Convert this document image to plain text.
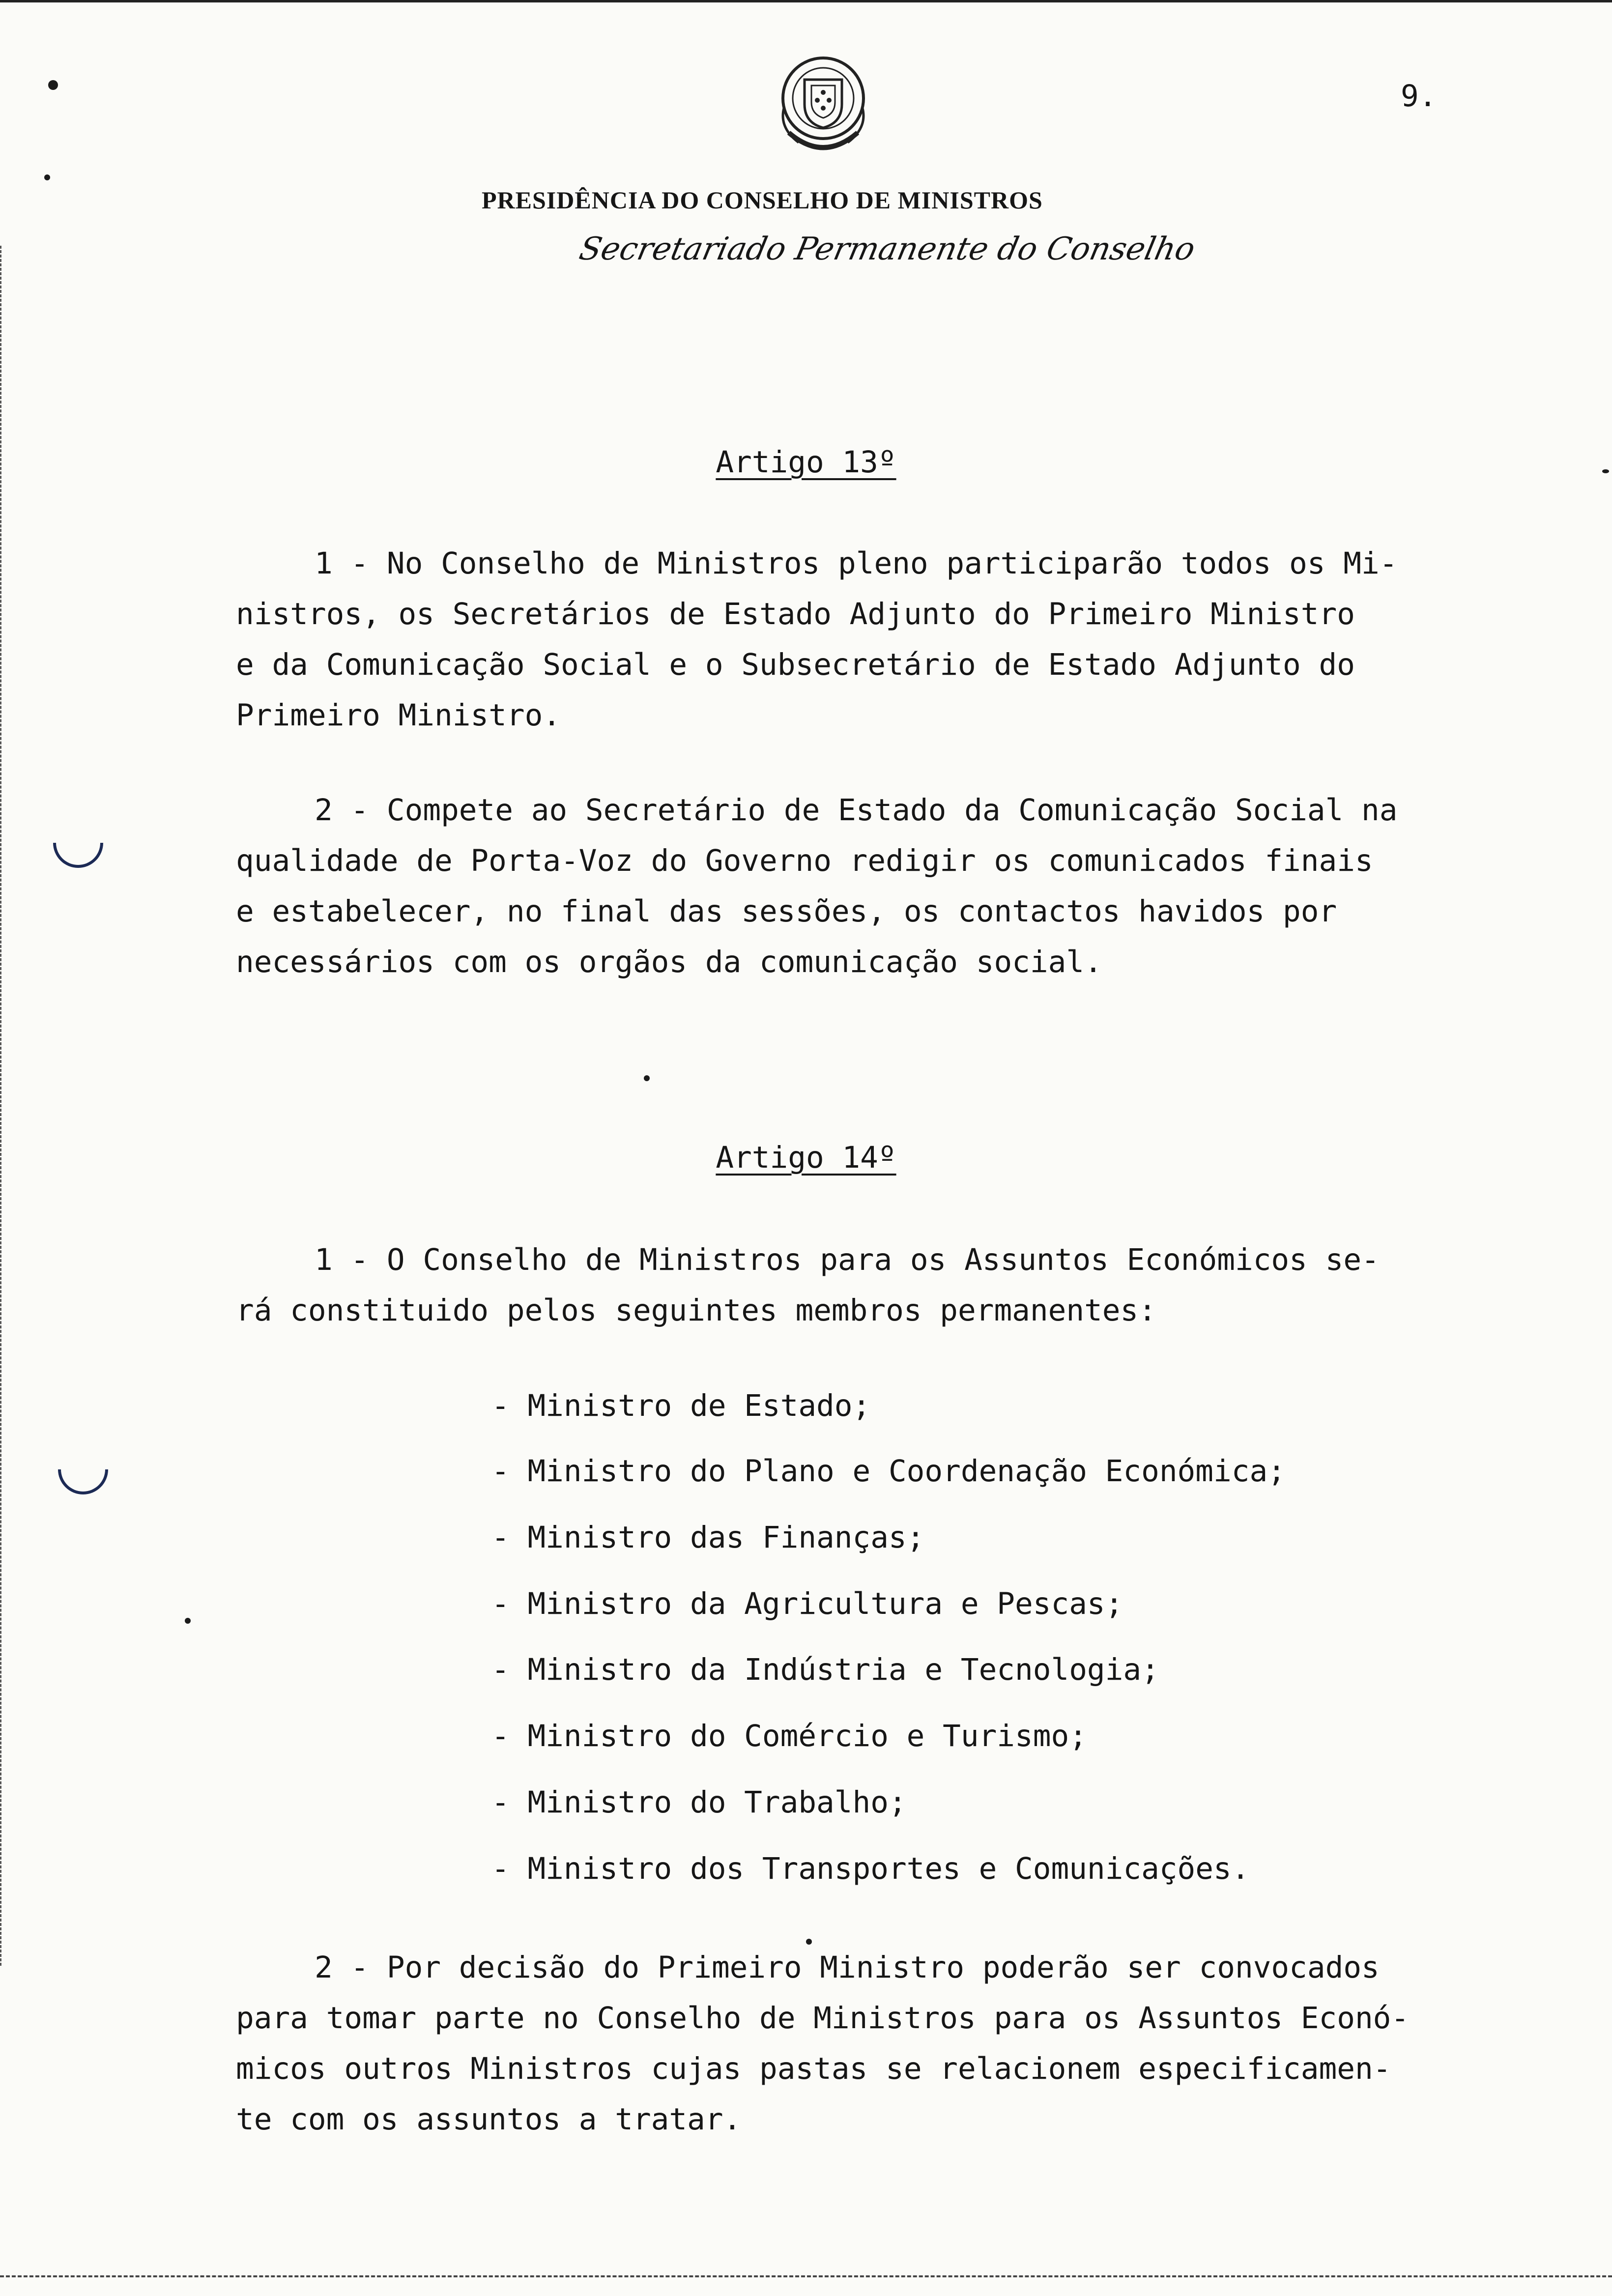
9.
PRESIDÊNCIA DO CONSELHO DE MINISTROS
Secretariado Permanente do Conselho
Artigo 13º
1 - No Conselho de Ministros pleno participarão todos os Mi-
nistros, os Secretários de Estado Adjunto do Primeiro Ministro
e da Comunicação Social e o Subsecretário de Estado Adjunto do
Primeiro Ministro.
2 - Compete ao Secretário de Estado da Comunicação Social na
qualidade de Porta-Voz do Governo redigir os comunicados finais
e estabelecer, no final das sessões, os contactos havidos por
necessários com os orgãos da comunicação social.
Artigo 14º
1 - O Conselho de Ministros para os Assuntos Económicos se-
rá constituido pelos seguintes membros permanentes:
- Ministro de Estado;
- Ministro do Plano e Coordenação Económica;
- Ministro das Finanças;
- Ministro da Agricultura e Pescas;
- Ministro da Indústria e Tecnologia;
- Ministro do Comércio e Turismo;
- Ministro do Trabalho;
- Ministro dos Transportes e Comunicações.
2 - Por decisão do Primeiro Ministro poderão ser convocados
para tomar parte no Conselho de Ministros para os Assuntos Econó-
micos outros Ministros cujas pastas se relacionem especificamen-
te com os assuntos a tratar.
